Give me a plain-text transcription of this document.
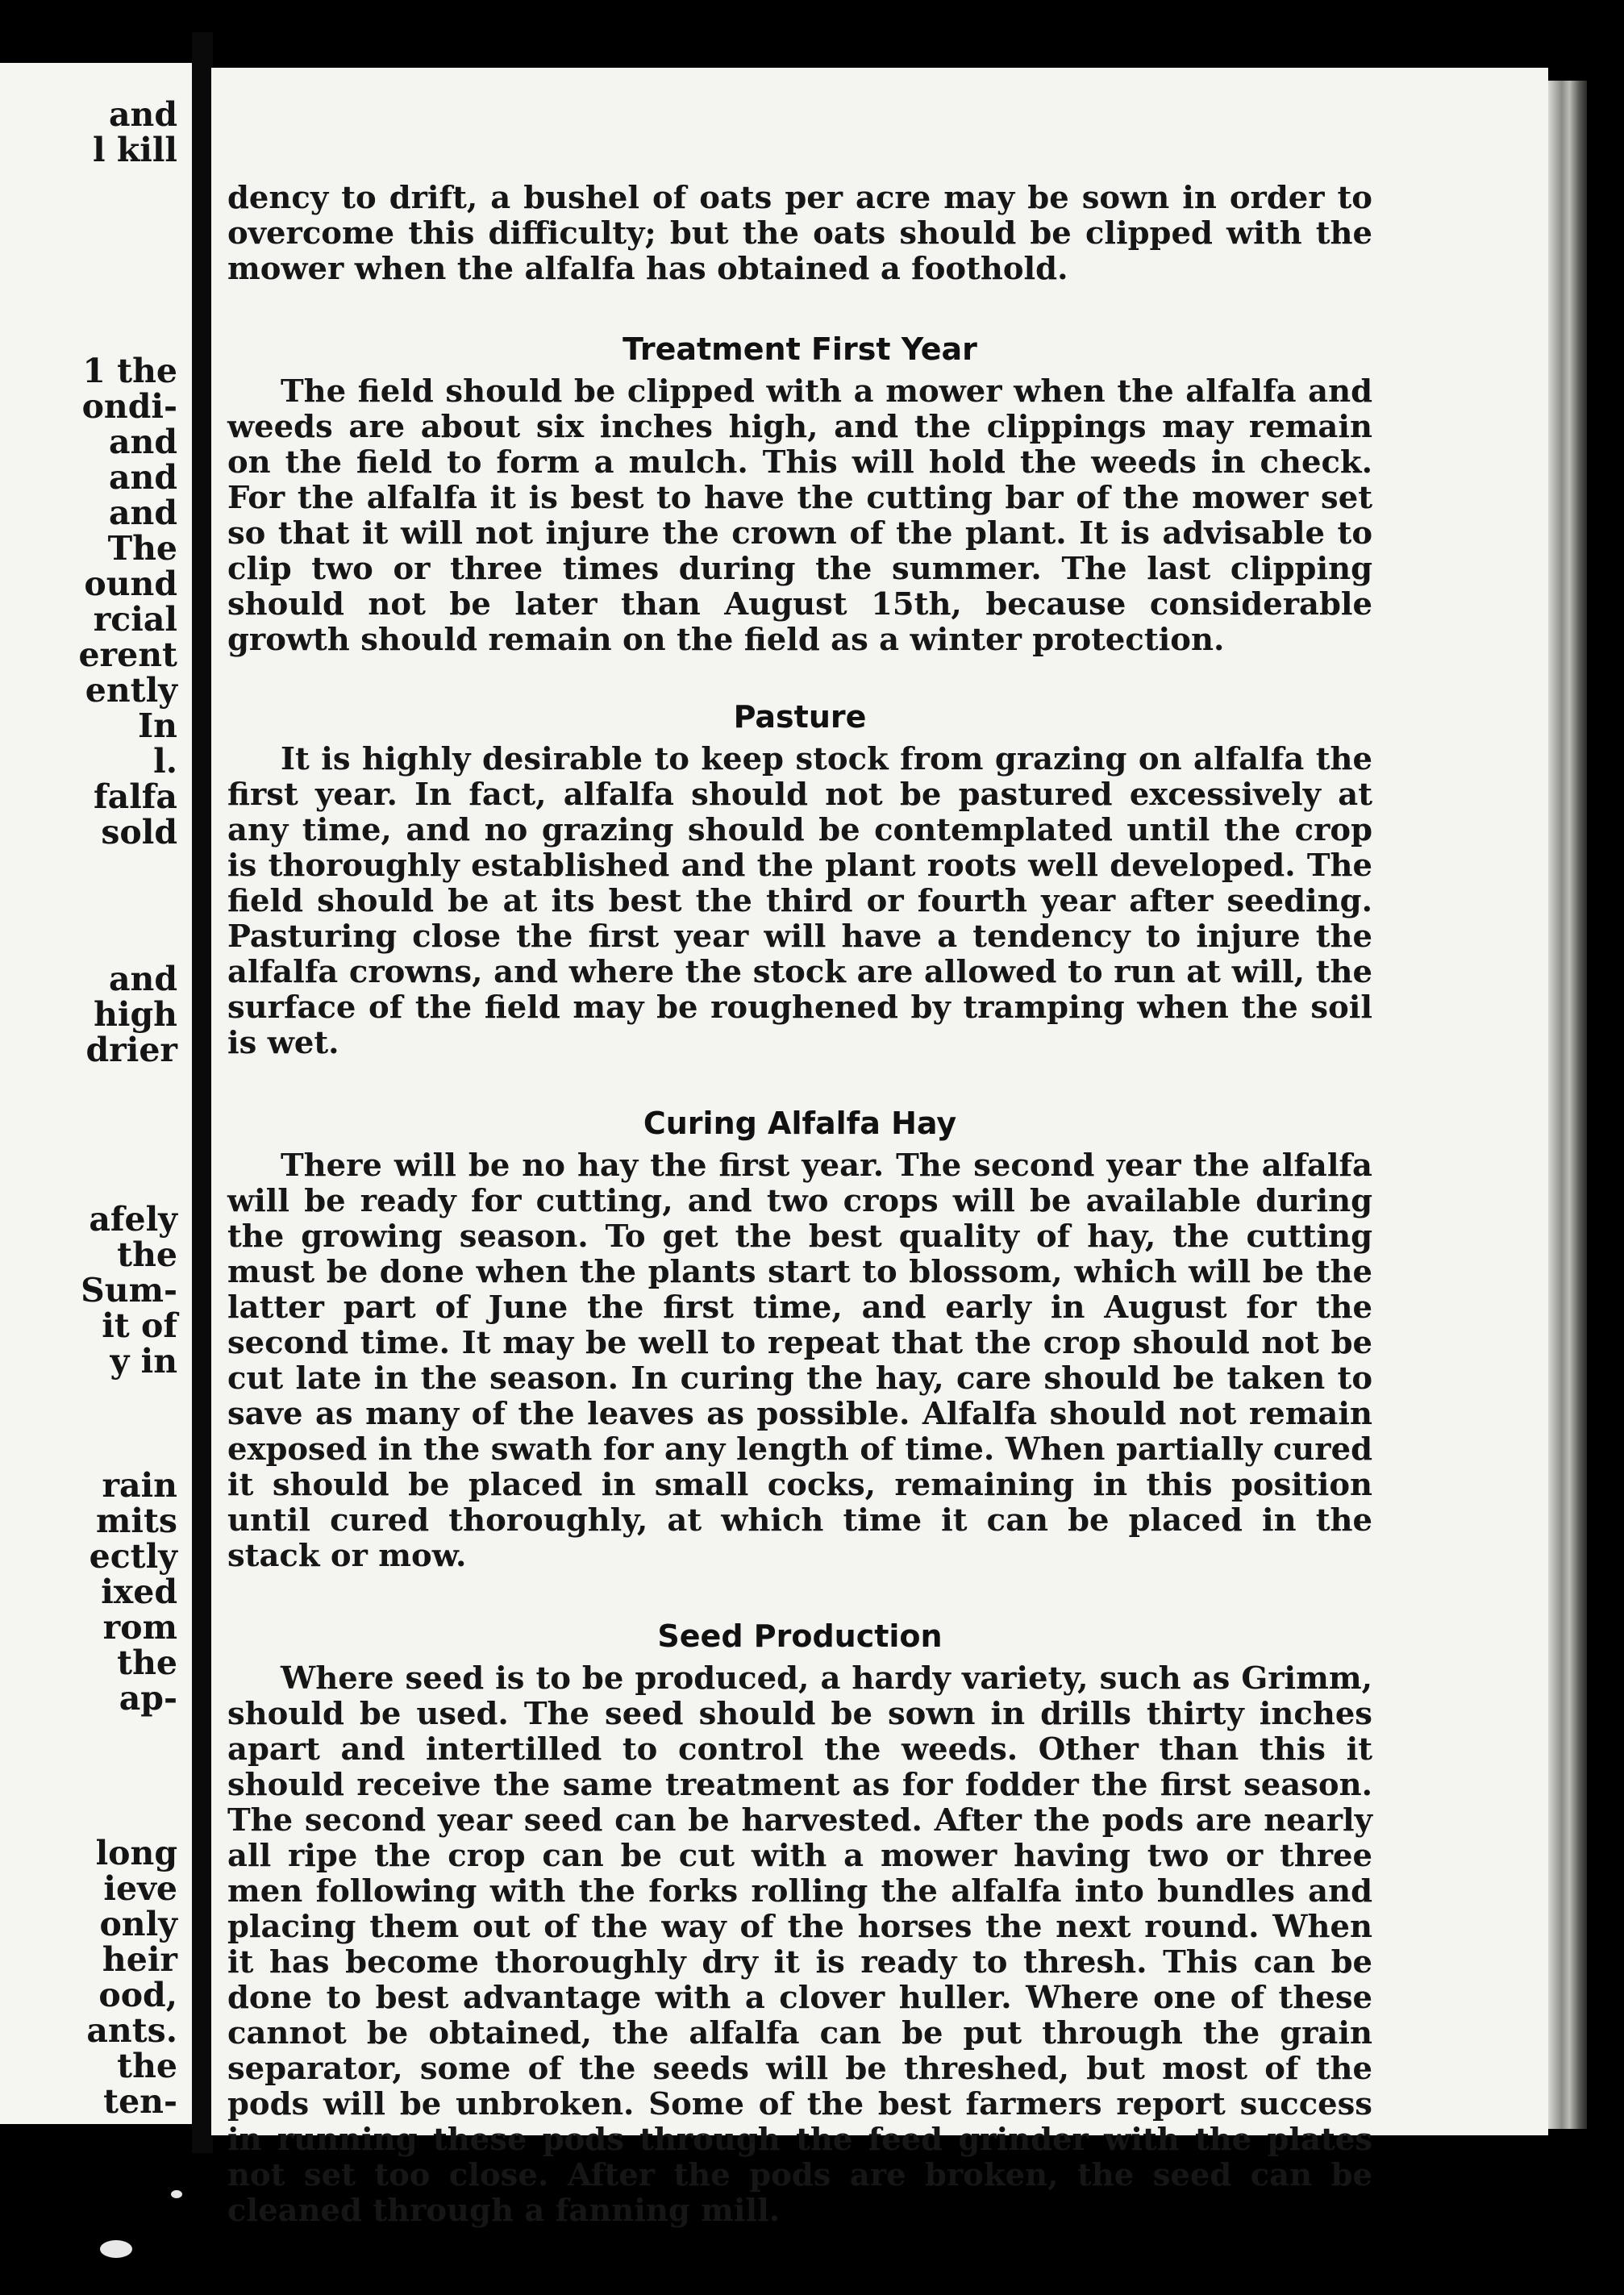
and
l kill
1 the
ondi-
and
and
and
The
ound
rcial
erent
ently
In
l.
falfa
sold
and
high
drier
afely
the
Sum-
it of
y in
rain
mits
ectly
ixed
rom
the
ap-
long
ieve
only
heir
ood,
ants.
the
ten-

dency to drift, a bushel of oats per acre may be sown in order to overcome this difficulty; but the oats should be clipped with the mower when the alfalfa has obtained a foothold.

Treatment First Year

The field should be clipped with a mower when the alfalfa and weeds are about six inches high, and the clippings may remain on the field to form a mulch. This will hold the weeds in check. For the alfalfa it is best to have the cutting bar of the mower set so that it will not injure the crown of the plant. It is advisable to clip two or three times during the summer. The last clipping should not be later than August 15th, because considerable growth should remain on the field as a winter protection.

Pasture

It is highly desirable to keep stock from grazing on alfalfa the first year. In fact, alfalfa should not be pastured excessively at any time, and no grazing should be contemplated until the crop is thoroughly established and the plant roots well developed. The field should be at its best the third or fourth year after seeding. Pasturing close the first year will have a tendency to injure the alfalfa crowns, and where the stock are allowed to run at will, the surface of the field may be roughened by tramping when the soil is wet.

Curing Alfalfa Hay

There will be no hay the first year. The second year the alfalfa will be ready for cutting, and two crops will be available during the growing season. To get the best quality of hay, the cutting must be done when the plants start to blossom, which will be the latter part of June the first time, and early in August for the second time. It may be well to repeat that the crop should not be cut late in the season. In curing the hay, care should be taken to save as many of the leaves as possible. Alfalfa should not remain exposed in the swath for any length of time. When partially cured it should be placed in small cocks, remaining in this position until cured thoroughly, at which time it can be placed in the stack or mow.

Seed Production

Where seed is to be produced, a hardy variety, such as Grimm, should be used. The seed should be sown in drills thirty inches apart and intertilled to control the weeds. Other than this it should receive the same treatment as for fodder the first season. The second year seed can be harvested. After the pods are nearly all ripe the crop can be cut with a mower having two or three men following with the forks rolling the alfalfa into bundles and placing them out of the way of the horses the next round. When it has become thoroughly dry it is ready to thresh. This can be done to best advantage with a clover huller. Where one of these cannot be obtained, the alfalfa can be put through the grain separator, some of the seeds will be threshed, but most of the pods will be unbroken. Some of the best farmers report success in running these pods through the feed grinder with the plates not set too close. After the pods are broken, the seed can be cleaned through a fanning mill.
